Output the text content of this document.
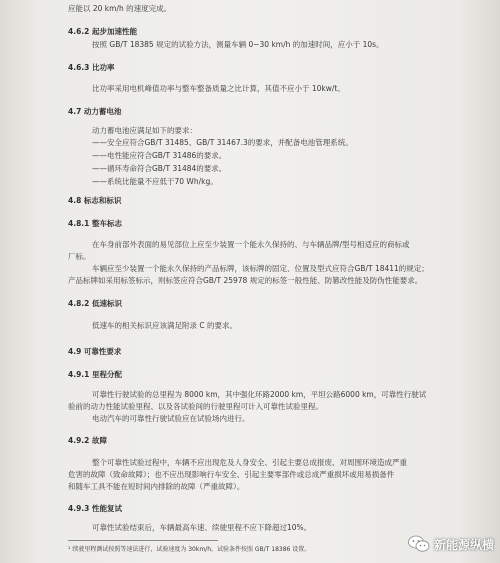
应能以 20 km/h 的速度完成。
4.6.2 起步加速性能
按照 GB/T 18385 规定的试验方法，测量车辆 0~30 km/h 的加速时间，应小于 10s。
4.6.3 比功率
比功率采用电机峰值功率与整车整备质量之比计算，其值不应小于 10kw/t。
4.7 动力蓄电池
动力蓄电池应满足如下的要求：
——安全应符合GB/T 31485、GB/T 31467.3的要求，并配备电池管理系统。
——电性能应符合GB/T 31486的要求。
——循环寿命符合GB/T 31484的要求。
——系统比能量不应低于70 Wh/kg。
4.8 标志和标识
4.8.1 整车标志
在车身前部外表面的易见部位上应至少装置一个能永久保持的、与车辆品牌/型号相适应的商标或
厂标。
车辆应至少装置一个能永久保持的产品标牌，该标牌的固定、位置及型式应符合GB/T 18411的规定；
产品标牌如采用标签标示，则标签应符合GB/T 25978 规定的标签一般性能、防篡改性能及防伪性能要求。
4.8.2 低速标识
低速车的相关标识应该满足附录 C 的要求。
4.9 可靠性要求
4.9.1 里程分配
可靠性行驶试验的总里程为 8000 km，其中强化环路2000 km，平坦公路6000 km，可靠性行驶试
验前的动力性能试验里程、以及各试验间的行驶里程可计入可靠性试验里程。
电动汽车的可靠性行驶试验应在试验场内进行。
4.9.2 故障
整个可靠性试验过程中，车辆不应出现危及人身安全、引起主要总成报废、对周围环境造成严重
危害的故障（致命故障）；也不应出现影响行车安全、引起主要零部件或总成严重损坏或用易损备件
和随车工具不能在短时间内排除的故障（严重故障）。
4.9.3 性能复试
可靠性试验结束后，车辆最高车速、续驶里程不应下降超过10%。
¹ 续驶里程测试按照等速法进行，试验速度为 30km/h，试验条件按照 GB/T 18386 设置。	新能源纵横
